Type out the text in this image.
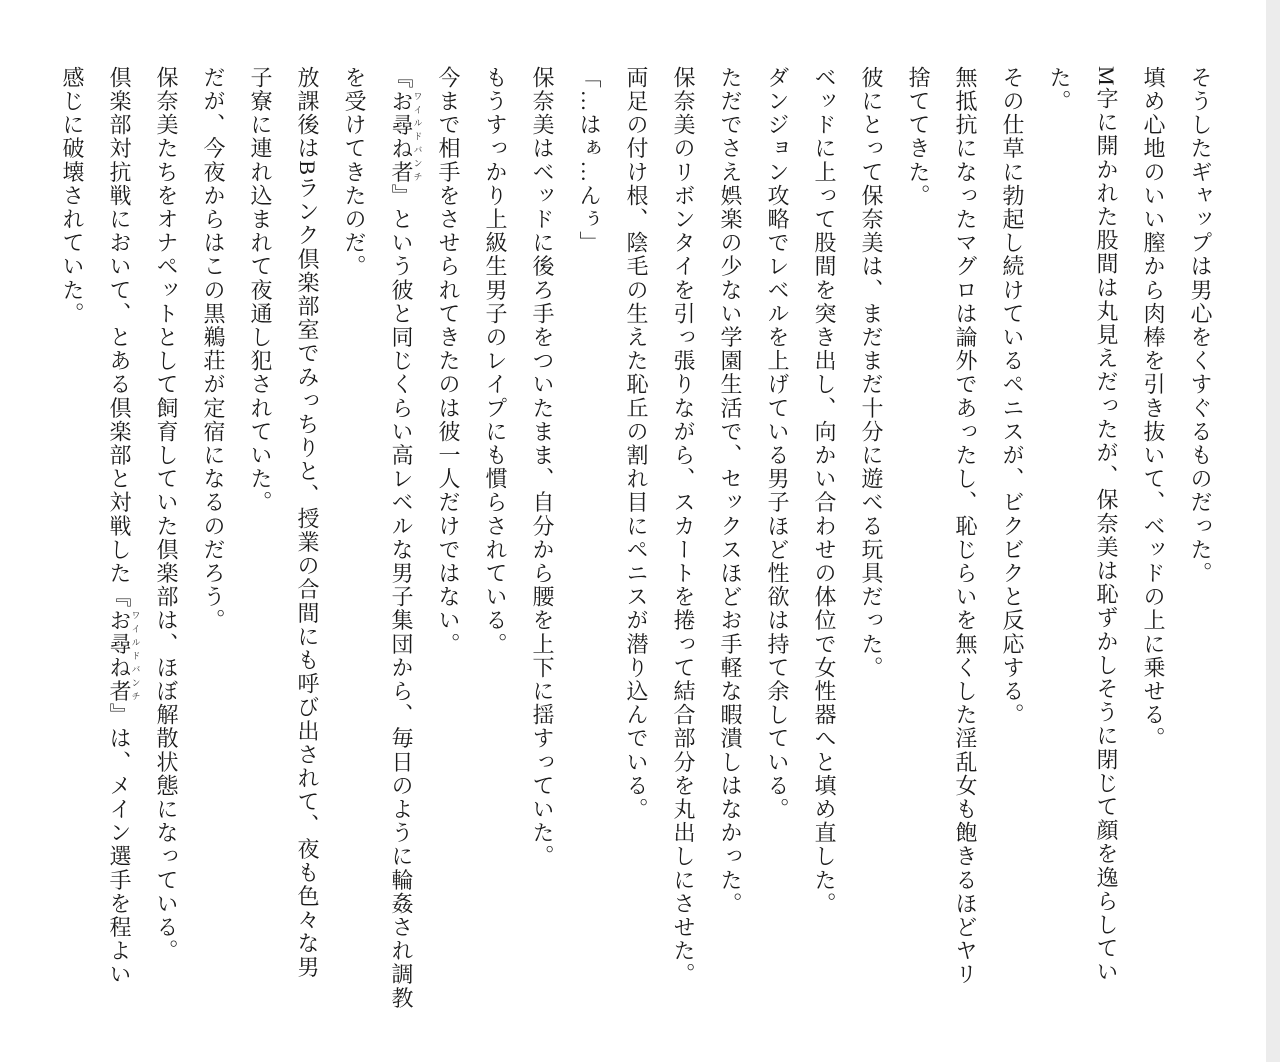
そうしたギャップは男心をくすぐるものだった。
填め心地のいい膣から肉棒を引き抜いて、ベッドの上に乗せる。
M字に開かれた股間は丸見えだったが、保奈美は恥ずかしそうに閉じて顔を逸らしてい
た。
その仕草に勃起し続けているペニスが、ビクビクと反応する。
無抵抗になったマグロは論外であったし、恥じらいを無くした淫乱女も飽きるほどヤリ
捨ててきた。
彼にとって保奈美は、まだまだ十分に遊べる玩具だった。
ベッドに上って股間を突き出し、向かい合わせの体位で女性器へと填め直した。
ダンジョン攻略でレベルを上げている男子ほど性欲は持て余している。
ただでさえ娯楽の少ない学園生活で、セックスほどお手軽な暇潰しはなかった。
保奈美のリボンタイを引っ張りながら、スカートを捲って結合部分を丸出しにさせた。
両足の付け根、陰毛の生えた恥丘の割れ目にペニスが潜り込んでいる。
「…はぁ…んぅ」
保奈美はベッドに後ろ手をついたまま、自分から腰を上下に揺すっていた。
もうすっかり上級生男子のレイプにも慣らされている。
今まで相手をさせられてきたのは彼一人だけではない。
『お尋ね者ワイルドバンチ』という彼と同じくらい高レベルな男子集団から、毎日のように輪姦され調教
を受けてきたのだ。
放課後はBランク倶楽部室でみっちりと、授業の合間にも呼び出されて、夜も色々な男
子寮に連れ込まれて夜通し犯されていた。
だが、今夜からはこの黒鵜荘が定宿になるのだろう。
保奈美たちをオナペットとして飼育していた倶楽部は、ほぼ解散状態になっている。
倶楽部対抗戦において、とある倶楽部と対戦した『お尋ね者ワイルドバンチ』は、メイン選手を程よい
感じに破壊されていた。
